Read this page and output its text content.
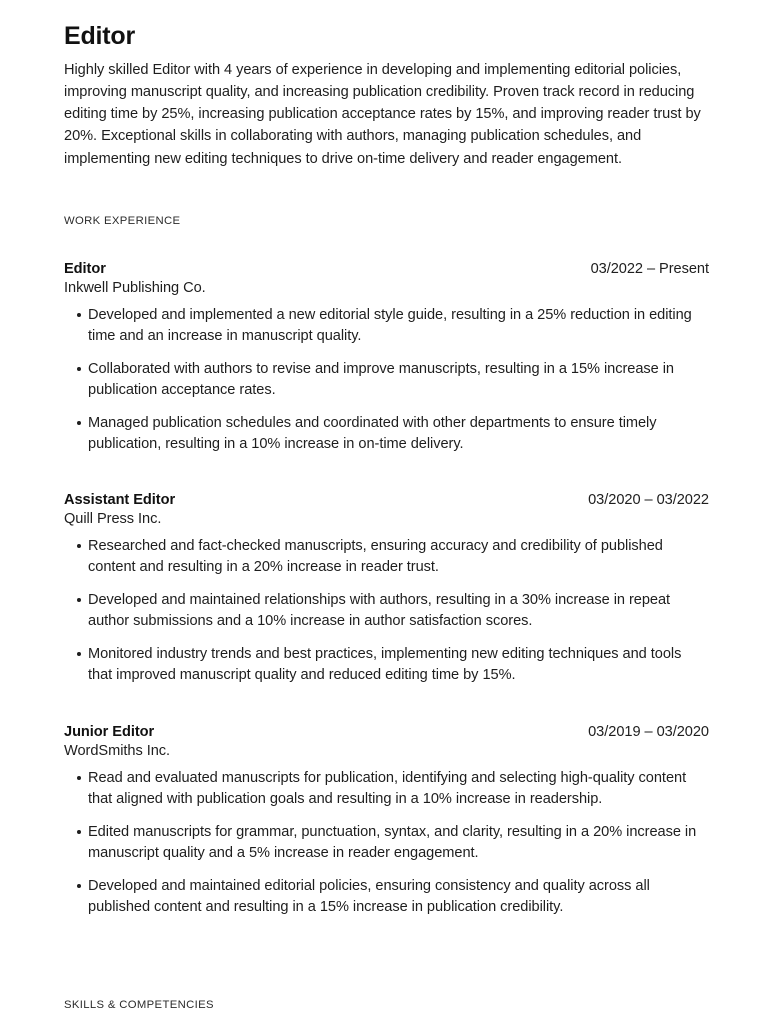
Editor

Highly skilled Editor with 4 years of experience in developing and implementing editorial policies, improving manuscript quality, and increasing publication credibility. Proven track record in reducing editing time by 25%, increasing publication acceptance rates by 15%, and improving reader trust by 20%. Exceptional skills in collaborating with authors, managing publication schedules, and implementing new editing techniques to drive on-time delivery and reader engagement.

WORK EXPERIENCE
Editor	03/2022 – Present
Inkwell Publishing Co.
Developed and implemented a new editorial style guide, resulting in a 25% reduction in editing time and an increase in manuscript quality.
Collaborated with authors to revise and improve manuscripts, resulting in a 15% increase in publication acceptance rates.
Managed publication schedules and coordinated with other departments to ensure timely publication, resulting in a 10% increase in on-time delivery.
Assistant Editor	03/2020 – 03/2022
Quill Press Inc.
Researched and fact-checked manuscripts, ensuring accuracy and credibility of published content and resulting in a 20% increase in reader trust.
Developed and maintained relationships with authors, resulting in a 30% increase in repeat author submissions and a 10% increase in author satisfaction scores.
Monitored industry trends and best practices, implementing new editing techniques and tools that improved manuscript quality and reduced editing time by 15%.
Junior Editor	03/2019 – 03/2020
WordSmiths Inc.
Read and evaluated manuscripts for publication, identifying and selecting high-quality content that aligned with publication goals and resulting in a 10% increase in readership.
Edited manuscripts for grammar, punctuation, syntax, and clarity, resulting in a 20% increase in manuscript quality and a 5% increase in reader engagement.
Developed and maintained editorial policies, ensuring consistency and quality across all published content and resulting in a 15% increase in publication credibility.
SKILLS & COMPETENCIES
